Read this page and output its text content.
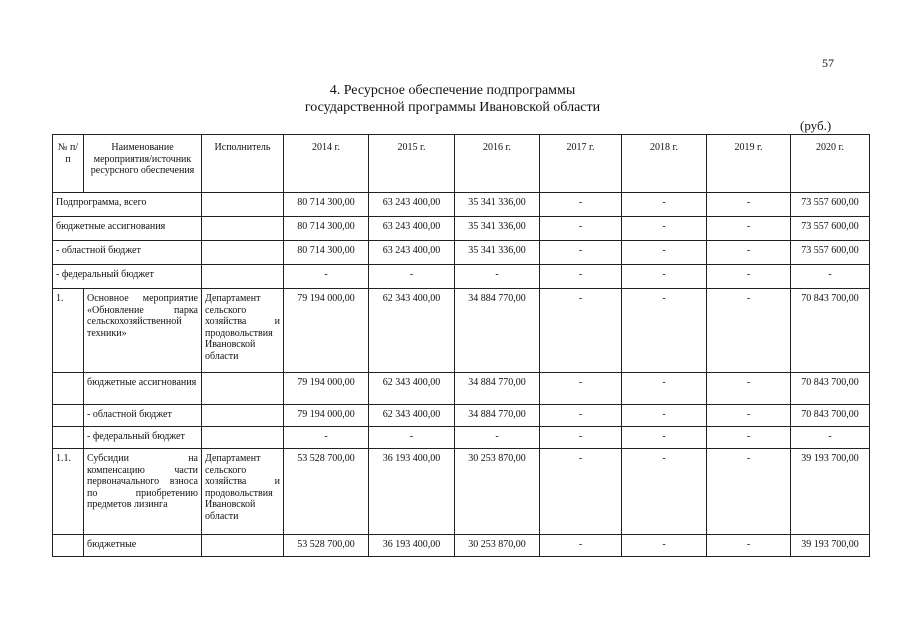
57
4. Ресурсное обеспечение подпрограммы
государственной программы Ивановской области
(руб.)
№ п/п	Наименование мероприятия/источник ресурсного обеспечения	Исполнитель	2014 г.	2015 г.	2016 г.	2017 г.	2018 г.	2019 г.	2020 г.
Подпрограмма, всего			80 714 300,00	63 243 400,00	35 341 336,00	-	-	-	73 557 600,00
бюджетные ассигнования			80 714 300,00	63 243 400,00	35 341 336,00	-	-	-	73 557 600,00
- областной бюджет			80 714 300,00	63 243 400,00	35 341 336,00	-	-	-	73 557 600,00
- федеральный бюджет			-	-	-	-	-	-	-
1.	Основное мероприятие «Обновление парка сельскохозяйственной техники»	Департамент сельского хозяйства и продовольствия Ивановской области	79 194 000,00	62 343 400,00	34 884 770,00	-	-	-	70 843 700,00
	бюджетные ассигнования		79 194 000,00	62 343 400,00	34 884 770,00	-	-	-	70 843 700,00
	- областной бюджет		79 194 000,00	62 343 400,00	34 884 770,00	-	-	-	70 843 700,00
	- федеральный бюджет		-	-	-	-	-	-	-
1.1.	Субсидии на компенсацию части первоначального взноса по приобретению предметов лизинга	Департамент сельского хозяйства и продовольствия Ивановской области	53 528 700,00	36 193 400,00	30 253 870,00	-	-	-	39 193 700,00
	бюджетные		53 528 700,00	36 193 400,00	30 253 870,00	-	-	-	39 193 700,00
